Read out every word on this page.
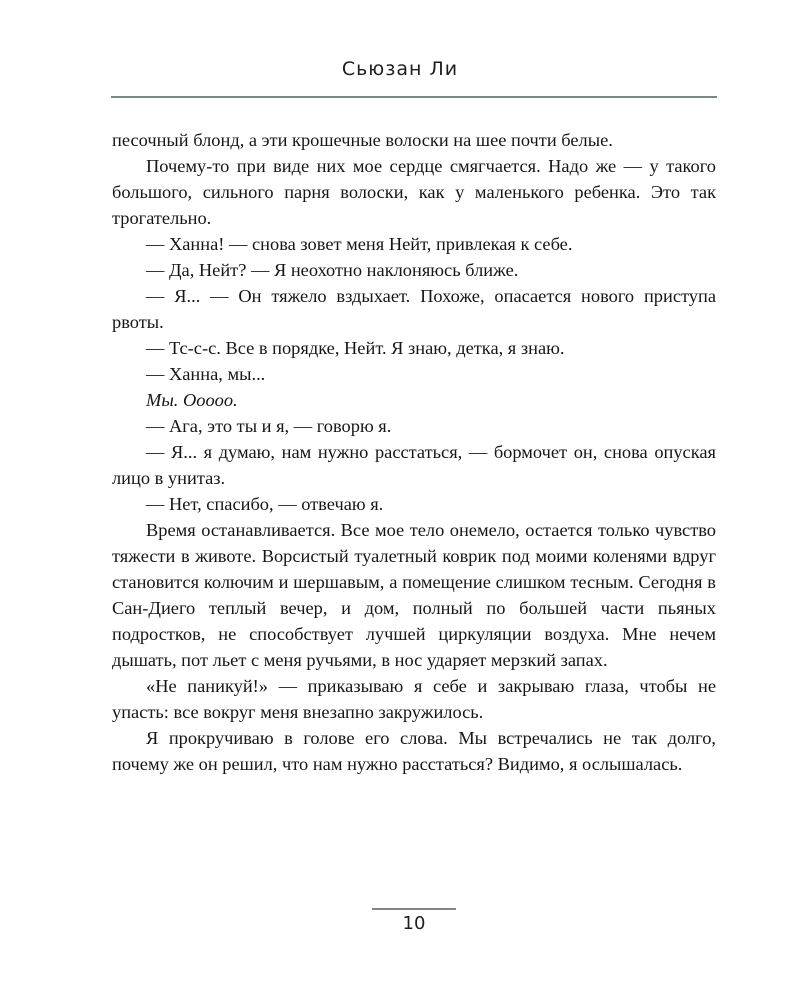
Сьюзан Ли

песочный блонд, а эти крошечные волоски на шее почти белые.

Почему-то при виде них мое сердце смягчается. Надо же — у такого большого, сильного парня волоски, как у маленького ребенка. Это так трогательно.

— Ханна! — снова зовет меня Нейт, привлекая к себе.

— Да, Нейт? — Я неохотно наклоняюсь ближе.

— Я... — Он тяжело вздыхает. Похоже, опасается нового приступа рвоты.

— Тс-с-с. Все в порядке, Нейт. Я знаю, детка, я знаю.

— Ханна, мы...

Мы. Ооооо.

— Ага, это ты и я, — говорю я.

— Я... я думаю, нам нужно расстаться, — бормочет он, снова опуская лицо в унитаз.

— Нет, спасибо, — отвечаю я.

Время останавливается. Все мое тело онемело, остается только чувство тяжести в животе. Ворсистый туалетный коврик под моими коленями вдруг становится колючим и шершавым, а помещение слишком тесным. Сегодня в Сан-Диего теплый вечер, и дом, полный по большей части пьяных подростков, не способствует лучшей циркуляции воздуха. Мне нечем дышать, пот льет с меня ручьями, в нос ударяет мерзкий запах.

«Не паникуй!» — приказываю я себе и закрываю глаза, чтобы не упасть: все вокруг меня внезапно закружилось.

Я прокручиваю в голове его слова. Мы встречались не так долго, почему же он решил, что нам нужно расстаться? Видимо, я ослышалась.

10
